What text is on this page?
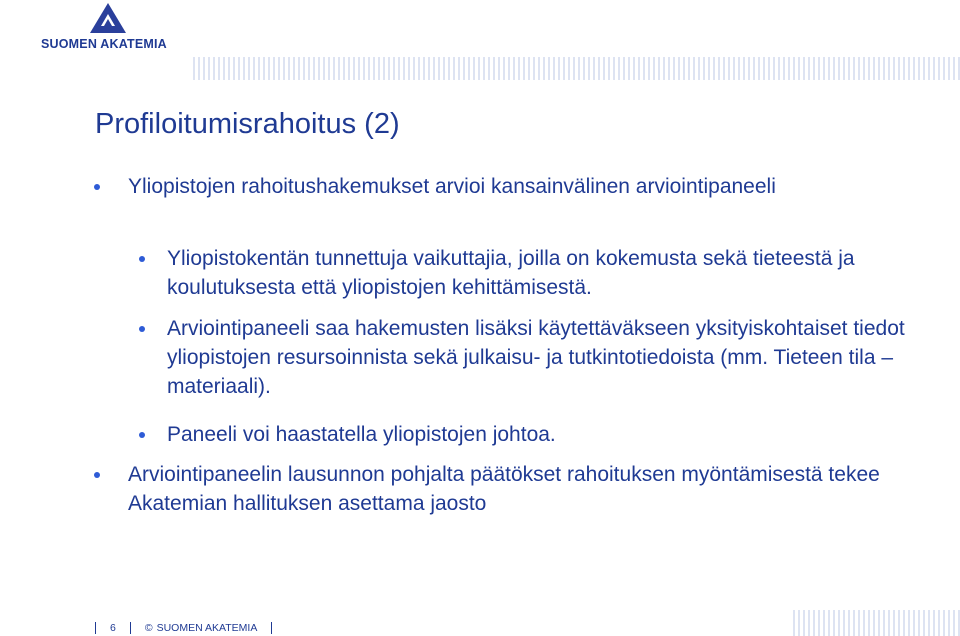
SUOMEN AKATEMIA
Profiloitumisrahoitus (2)
Yliopistojen rahoitushakemukset arvioi kansainvälinen arviointipaneeli
Yliopistokentän tunnettuja vaikuttajia, joilla on kokemusta sekä tieteestä ja koulutuksesta että yliopistojen kehittämisestä.
Arviointipaneeli saa hakemusten lisäksi käytettäväkseen yksityiskohtaiset tiedot yliopistojen resursoinnista sekä julkaisu- ja tutkintotiedoista (mm. Tieteen tila –materiaali).
Paneeli voi haastatella yliopistojen johtoa.
Arviointipaneelin lausunnon pohjalta päätökset rahoituksen myöntämisestä tekee Akatemian hallituksen asettama jaosto
6	© SUOMEN AKATEMIA
